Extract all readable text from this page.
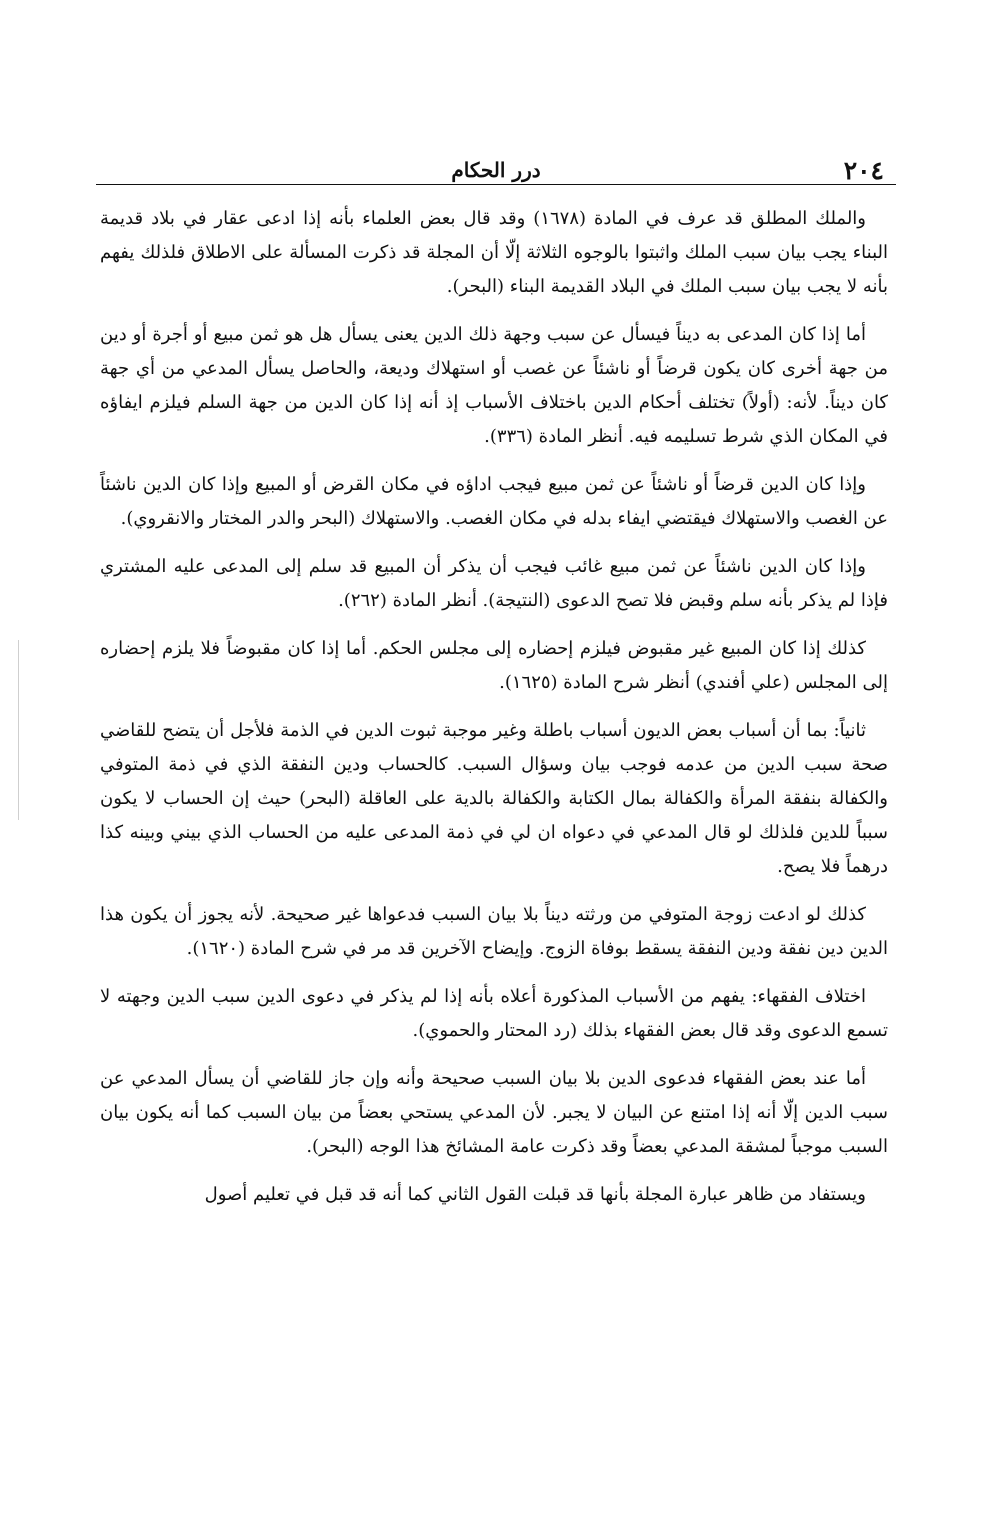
٢٠٤
درر الحكام

والملك المطلق قد عرف في المادة (١٦٧٨) وقد قال بعض العلماء بأنه إذا ادعى عقار في بلاد قديمة البناء يجب بيان سبب الملك واثبتوا بالوجوه الثلاثة إلّا أن المجلة قد ذكرت المسألة على الاطلاق فلذلك يفهم بأنه لا يجب بيان سبب الملك في البلاد القديمة البناء (البحر).

أما إذا كان المدعى به ديناً فيسأل عن سبب وجهة ذلك الدين يعنى يسأل هل هو ثمن مبيع أو أجرة أو دين من جهة أخرى كان يكون قرضاً أو ناشئاً عن غصب أو استهلاك وديعة، والحاصل يسأل المدعي من أي جهة كان ديناً. لأنه: (أولاً) تختلف أحكام الدين باختلاف الأسباب إذ أنه إذا كان الدين من جهة السلم فيلزم ايفاؤه في المكان الذي شرط تسليمه فيه. أنظر المادة (٣٣٦).

وإذا كان الدين قرضاً أو ناشئاً عن ثمن مبيع فيجب اداؤه في مكان القرض أو المبيع وإذا كان الدين ناشئاً عن الغصب والاستهلاك فيقتضي ايفاء بدله في مكان الغصب. والاستهلاك (البحر والدر المختار والانقروي).

وإذا كان الدين ناشئاً عن ثمن مبيع غائب فيجب أن يذكر أن المبيع قد سلم إلى المدعى عليه المشتري فإذا لم يذكر بأنه سلم وقبض فلا تصح الدعوى (النتيجة). أنظر المادة (٢٦٢).

كذلك إذا كان المبيع غير مقبوض فيلزم إحضاره إلى مجلس الحكم. أما إذا كان مقبوضاً فلا يلزم إحضاره إلى المجلس (علي أفندي) أنظر شرح المادة (١٦٢٥).

ثانياً: بما أن أسباب بعض الديون أسباب باطلة وغير موجبة ثبوت الدين في الذمة فلأجل أن يتضح للقاضي صحة سبب الدين من عدمه فوجب بيان وسؤال السبب. كالحساب ودين النفقة الذي في ذمة المتوفي والكفالة بنفقة المرأة والكفالة بمال الكتابة والكفالة بالدية على العاقلة (البحر) حيث إن الحساب لا يكون سبباً للدين فلذلك لو قال المدعي في دعواه ان لي في ذمة المدعى عليه من الحساب الذي بيني وبينه كذا درهماً فلا يصح.

كذلك لو ادعت زوجة المتوفي من ورثته ديناً بلا بيان السبب فدعواها غير صحيحة. لأنه يجوز أن يكون هذا الدين دين نفقة ودين النفقة يسقط بوفاة الزوج. وإيضاح الآخرين قد مر في شرح المادة (١٦٢٠).

اختلاف الفقهاء: يفهم من الأسباب المذكورة أعلاه بأنه إذا لم يذكر في دعوى الدين سبب الدين وجهته لا تسمع الدعوى وقد قال بعض الفقهاء بذلك (رد المحتار والحموي).

أما عند بعض الفقهاء فدعوى الدين بلا بيان السبب صحيحة وأنه وإن جاز للقاضي أن يسأل المدعي عن سبب الدين إلّا أنه إذا امتنع عن البيان لا يجبر. لأن المدعي يستحي بعضاً من بيان السبب كما أنه يكون بيان السبب موجباً لمشقة المدعي بعضاً وقد ذكرت عامة المشائخ هذا الوجه (البحر).

ويستفاد من ظاهر عبارة المجلة بأنها قد قبلت القول الثاني كما أنه قد قبل في تعليم أصول
